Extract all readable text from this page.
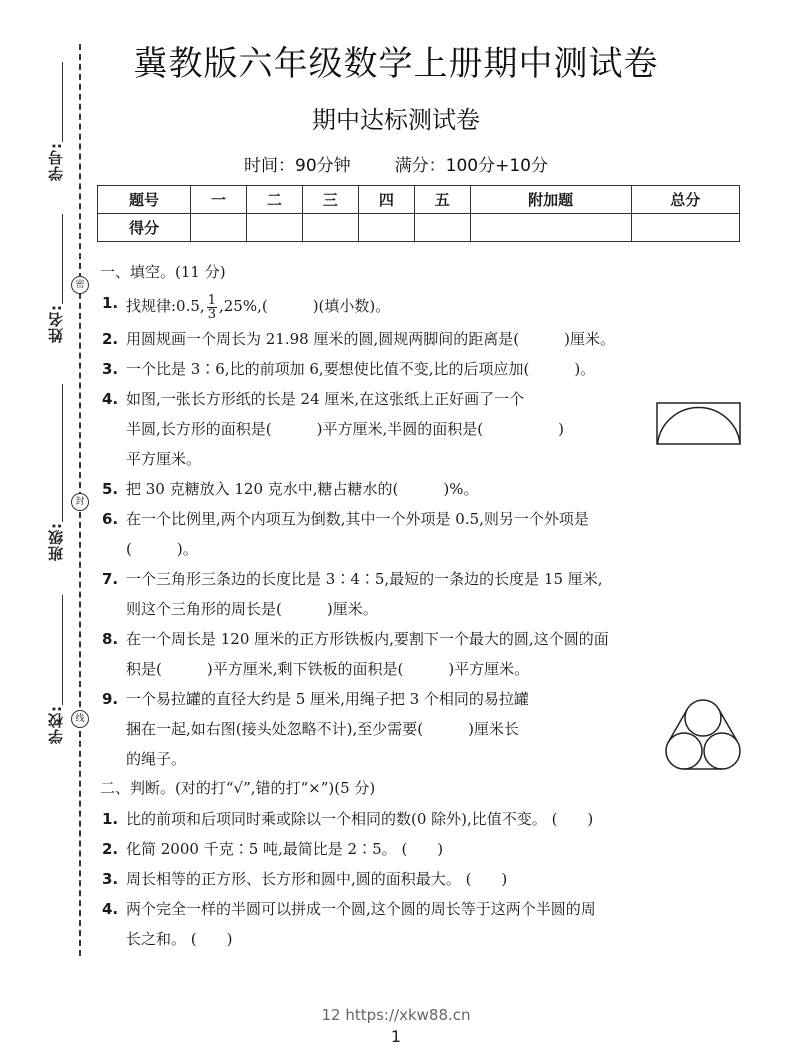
密
封
线
学号:
姓名:
班级:
学校:
冀教版六年级数学上册期中测试卷
期中达标测试卷
时间：90分钟	满分：100分+10分
题号	一	二	三	四	五	附加题	总分
得分							
一、填空。(11 分)
1. 找规律:0.5, $\frac{1}{3} ,25\%$,(　　　)(填小数)。
2. 用圆规画一个周长为 21.98 厘米的圆,圆规两脚间的距离是(　　　)厘米。
3. 一个比是 3∶6,比的前项加 6,要想使比值不变,比的后项应加(　　　)。
4. 如图,一张长方形纸的长是 24 厘米,在这张纸上正好画了一个
半圆,长方形的面积是(　　　)平方厘米,半圆的面积是(　　　　　)
平方厘米。
5. 把 30 克糖放入 120 克水中,糖占糖水的(　　　)%。
6. 在一个比例里,两个内项互为倒数,其中一个外项是 0.5,则另一个外项是
(　　　)。
7. 一个三角形三条边的长度比是 3∶4∶5,最短的一条边的长度是 15 厘米,
则这个三角形的周长是(　　　)厘米。
8. 在一个周长是 120 厘米的正方形铁板内,要割下一个最大的圆,这个圆的面
积是(　　　)平方厘米,剩下铁板的面积是(　　　)平方厘米。
9. 一个易拉罐的直径大约是 5 厘米,用绳子把 3 个相同的易拉罐
捆在一起,如右图(接头处忽略不计),至少需要(　　　)厘米长
的绳子。
二、判断。(对的打“√”,错的打“×”)(5 分)
1. 比的前项和后项同时乘或除以一个相同的数(0 除外),比值不变。 (　　)
2. 化简 2000 千克∶5 吨,最简比是 2∶5。 (　　)
3. 周长相等的正方形、长方形和圆中,圆的面积最大。 (　　)
4. 两个完全一样的半圆可以拼成一个圆,这个圆的周长等于这两个半圆的周
长之和。 (　　)
12 https://xkw88.cn
1
